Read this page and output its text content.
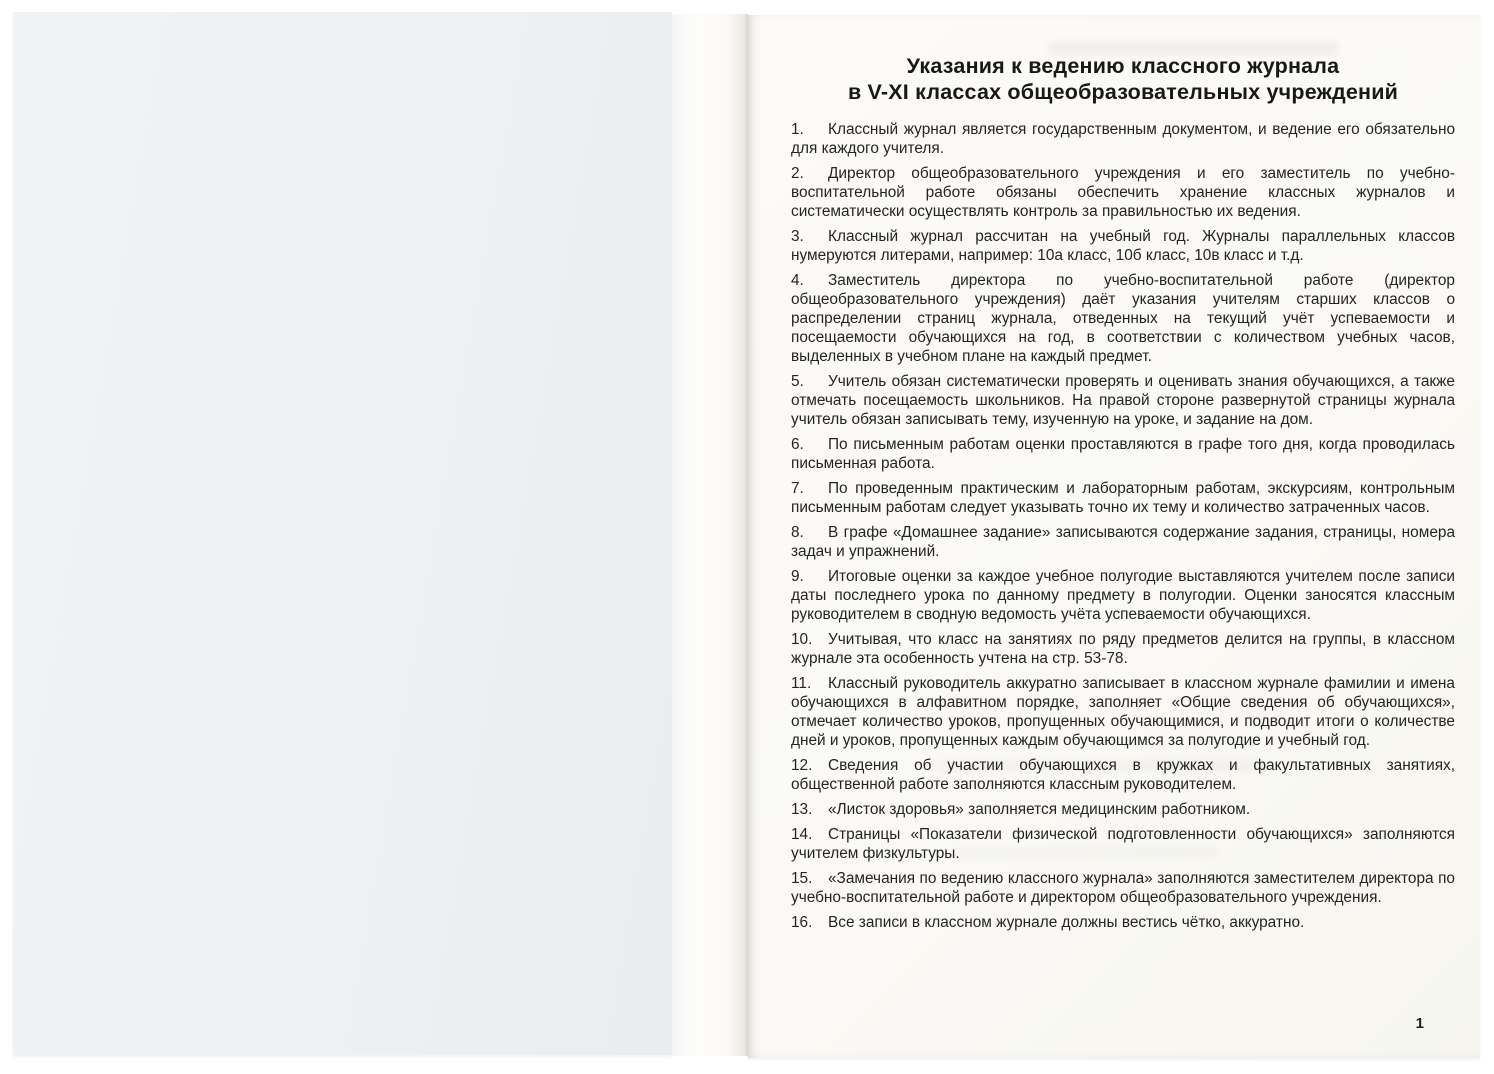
Указания к ведению классного журнала
в V-XI классах общеобразовательных учреждений

1. Классный журнал является государственным документом, и ведение его обязательно для каждого учителя.

2. Директор общеобразовательного учреждения и его заместитель по учебно-воспитательной работе обязаны обеспечить хранение классных журналов и систематически осуществлять контроль за правильностью их ведения.

3. Классный журнал рассчитан на учебный год. Журналы параллельных классов нумеруются литерами, например: 10а класс, 10б класс, 10в класс и т.д.

4. Заместитель директора по учебно-воспитательной работе (директор общеобразовательного учреждения) даёт указания учителям старших классов о распределении страниц журнала, отведенных на текущий учёт успеваемости и посещаемости обучающихся на год, в соответствии с количеством учебных часов, выделенных в учебном плане на каждый предмет.

5. Учитель обязан систематически проверять и оценивать знания обучающихся, а также отмечать посещаемость школьников. На правой стороне развернутой страницы журнала учитель обязан записывать тему, изученную на уроке, и задание на дом.

6. По письменным работам оценки проставляются в графе того дня, когда проводилась письменная работа.

7. По проведенным практическим и лабораторным работам, экскурсиям, контрольным письменным работам следует указывать точно их тему и количество затраченных часов.

8. В графе «Домашнее задание» записываются содержание задания, страницы, номера задач и упражнений.

9. Итоговые оценки за каждое учебное полугодие выставляются учителем после записи даты последнего урока по данному предмету в полугодии. Оценки заносятся классным руководителем в сводную ведомость учёта успеваемости обучающихся.

10. Учитывая, что класс на занятиях по ряду предметов делится на группы, в классном журнале эта особенность учтена на стр. 53-78.

11. Классный руководитель аккуратно записывает в классном журнале фамилии и имена обучающихся в алфавитном порядке, заполняет «Общие сведения об обучающихся», отмечает количество уроков, пропущенных обучающимися, и подводит итоги о количестве дней и уроков, пропущенных каждым обучающимся за полугодие и учебный год.

12. Сведения об участии обучающихся в кружках и факультативных занятиях, общественной работе заполняются классным руководителем.

13. «Листок здоровья» заполняется медицинским работником.

14. Страницы «Показатели физической подготовленности обучающихся» заполняются учителем физкультуры.

15. «Замечания по ведению классного журнала» заполняются заместителем директора по учебно-воспитательной работе и директором общеобразовательного учреждения.

16. Все записи в классном журнале должны вестись чётко, аккуратно.

1
